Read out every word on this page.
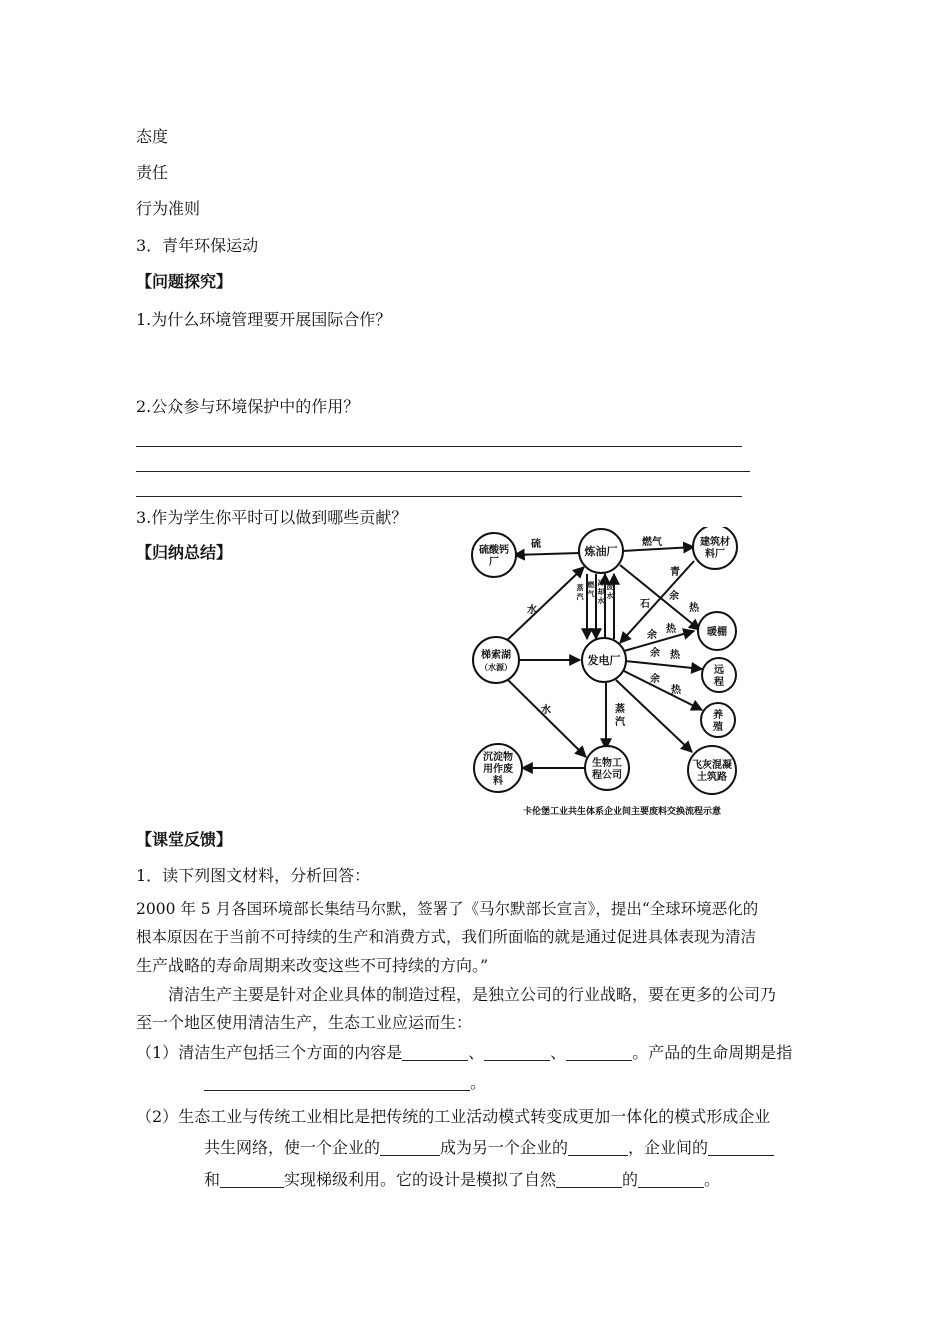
态度
责任
行为准则
3．青年环保运动
【问题探究】
1.为什么环境管理要开展国际合作？
2.公众参与环境保护中的作用？
3.作为学生你平时可以做到哪些贡献？
【归纳总结】	硫酸钙
厂
炼油厂
建筑材
料厂
梯索湖
（水源）
发电厂
暖棚
远
程
养
殖
生物工
程公司
沉淀物
用作废
料
飞灰混凝
土筑路
硫	燃气
青
石
水
水
蒸
汽
燃
气
冷
却
水
废
水	余
热
余
热
余 热
余
热
蒸
汽
卡伦堡工业共生体系企业间主要废料交换流程示意
【课堂反馈】
1．读下列图文材料，分析回答：
2000 年 5 月各国环境部长集结马尔默，签署了《马尔默部长宣言》，提出“全球环境恶化的
根本原因在于当前不可持续的生产和消费方式，我们所面临的就是通过促进具体表现为清洁
生产战略的寿命周期来改变这些不可持续的方向。”
清洁生产主要是针对企业具体的制造过程，是独立公司的行业战略，要在更多的公司乃
至一个地区使用清洁生产，生态工业应运而生：
（1）清洁生产包括三个方面的内容是	、	、	。产品的生命周期是指
。
（2）生态工业与传统工业相比是把传统的工业活动模式转变成更加一体化的模式形成企业
共生网络，使一个企业的	成为另一个企业的	，企业间的
和	实现梯级利用。它的设计是模拟了自然	的	。
